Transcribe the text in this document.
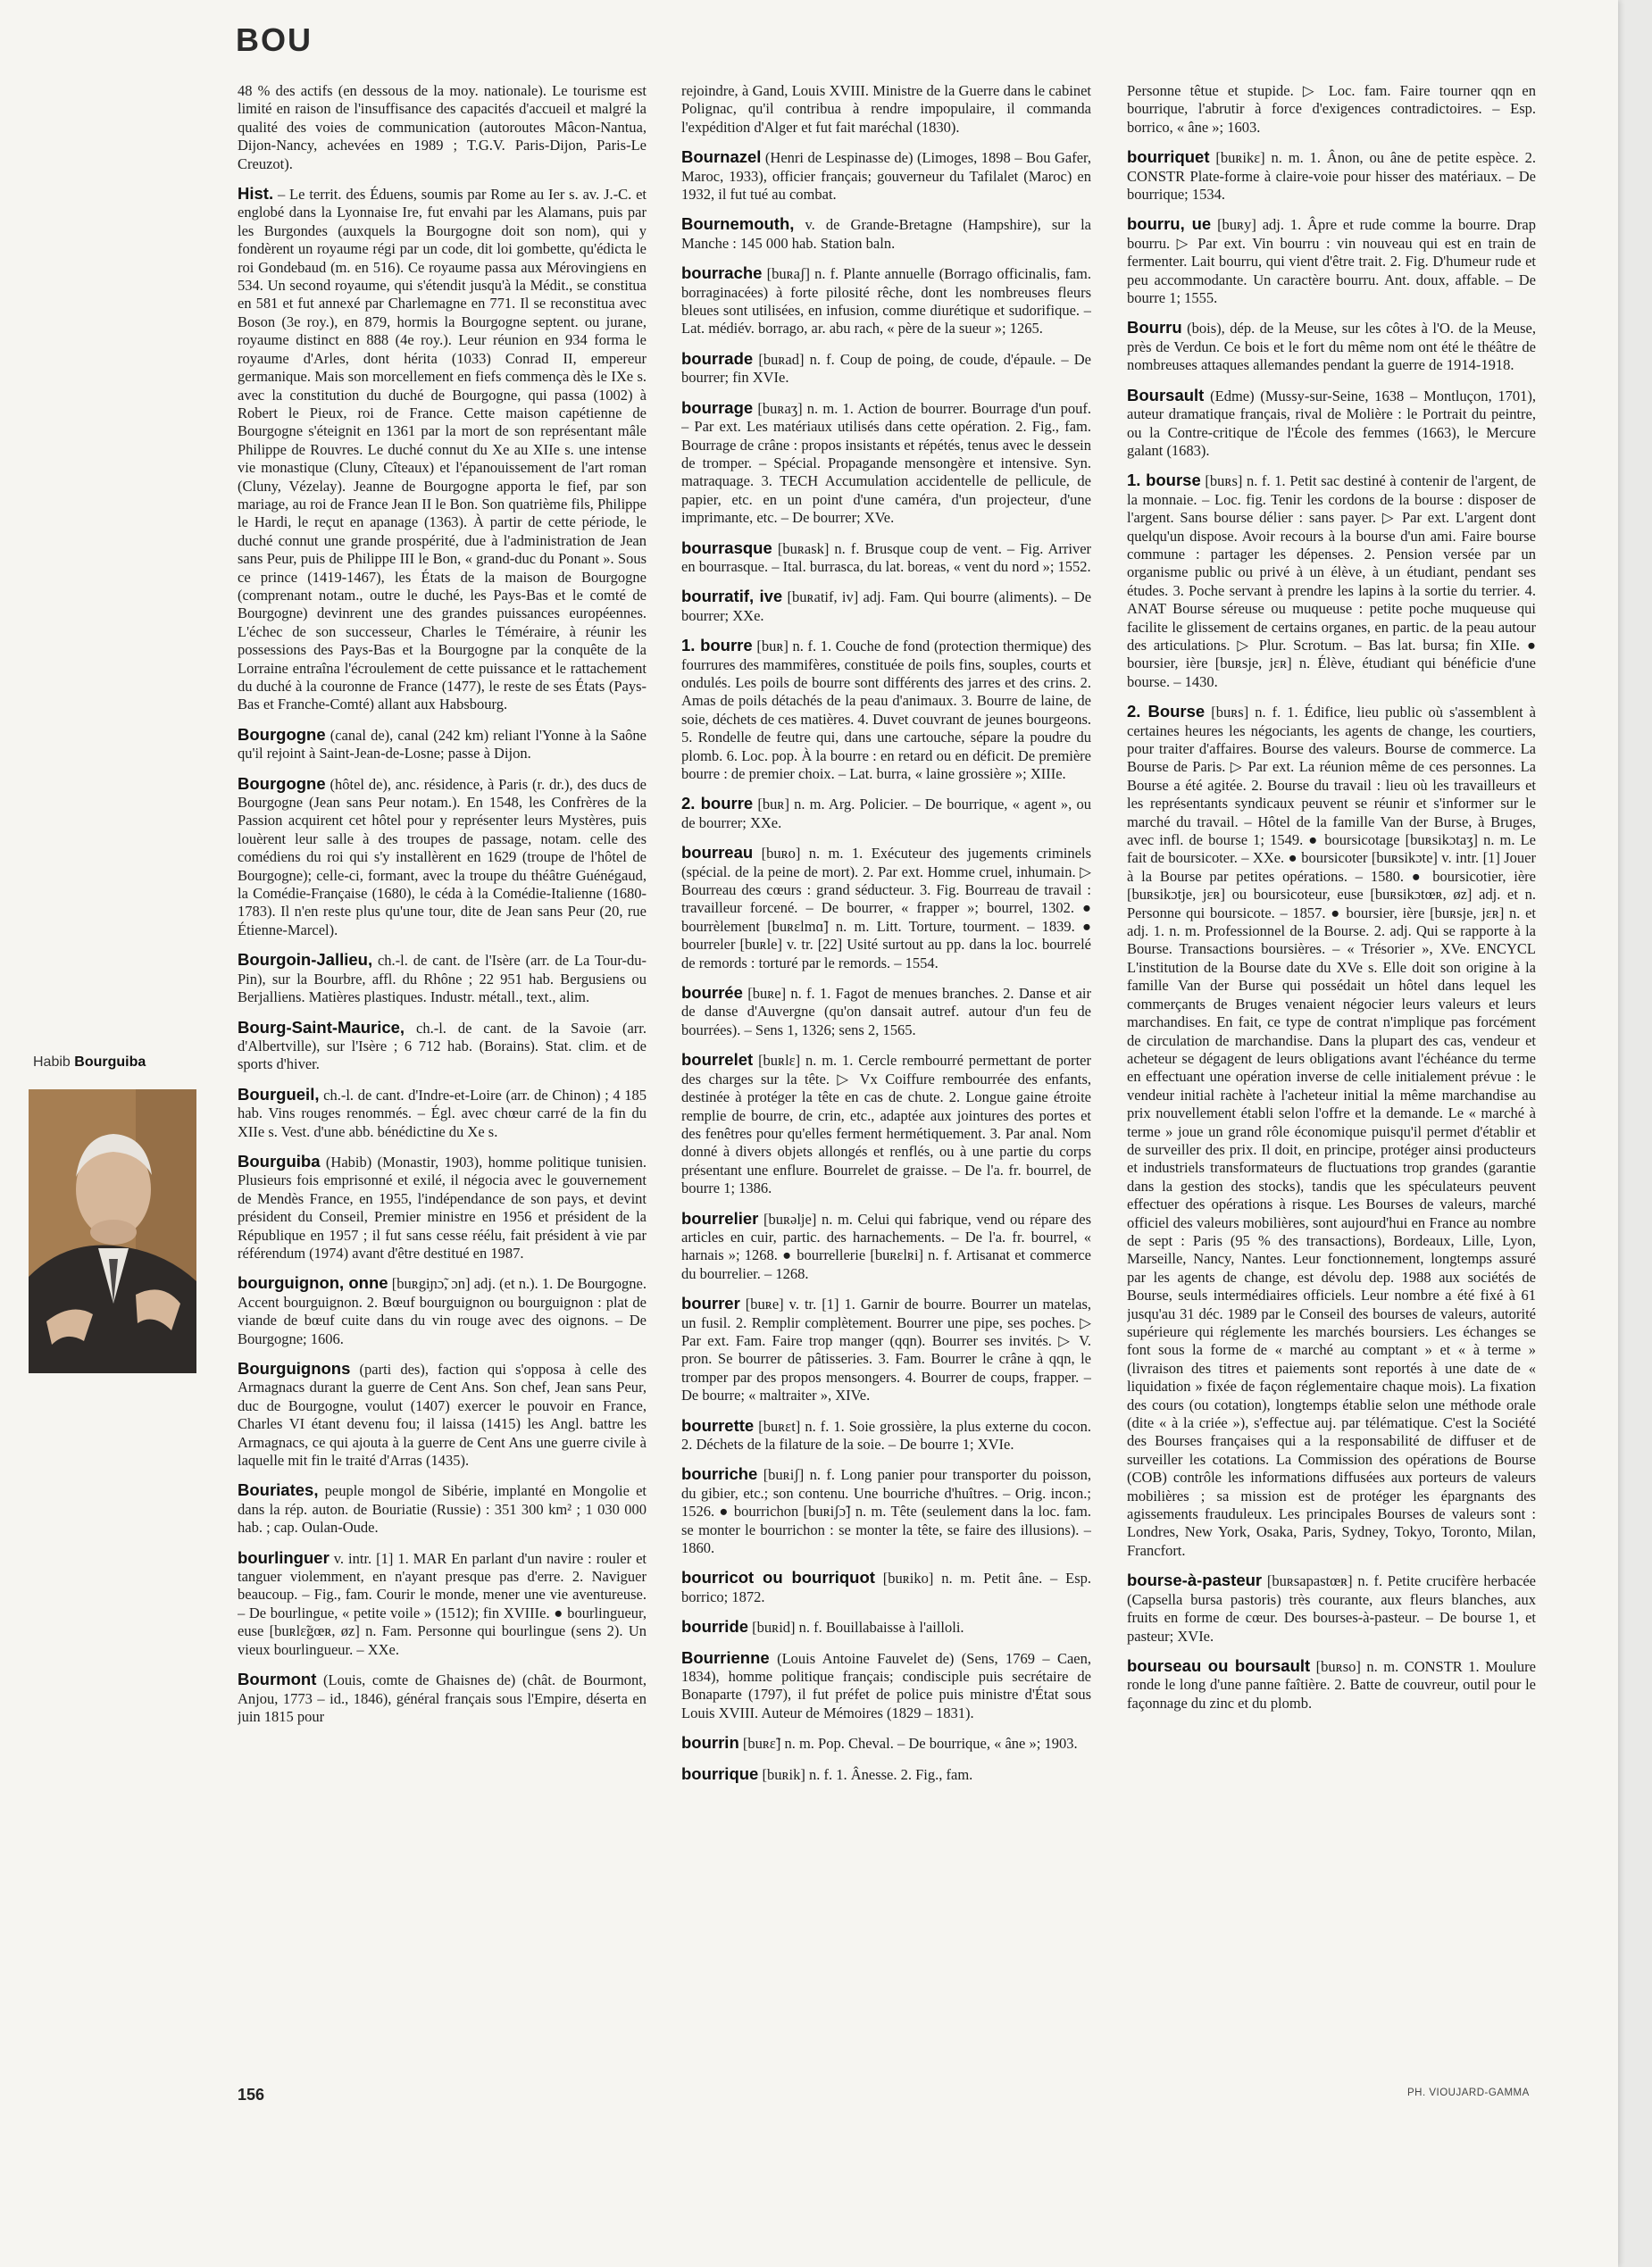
BOU

48 % des actifs (en dessous de la moy. nationale). Le tourisme est limité en raison de l'insuffisance des capacités d'accueil et malgré la qualité des voies de communication (autoroutes Mâcon-Nantua, Dijon-Nancy, achevées en 1989 ; T.G.V. Paris-Dijon, Paris-Le Creuzot).

Hist. – Le territ. des Éduens, soumis par Rome au Ier s. av. J.-C. et englobé dans la Lyonnaise Ire, fut envahi par les Alamans, puis par les Burgondes (auxquels la Bourgogne doit son nom), qui y fondèrent un royaume régi par un code, dit loi gombette, qu'édicta le roi Gondebaud (m. en 516). Ce royaume passa aux Mérovingiens en 534. Un second royaume, qui s'étendit jusqu'à la Médit., se constitua en 581 et fut annexé par Charlemagne en 771. Il se reconstitua avec Boson (3e roy.), en 879, hormis la Bourgogne septent. ou jurane, royaume distinct en 888 (4e roy.). Leur réunion en 934 forma le royaume d'Arles, dont hérita (1033) Conrad II, empereur germanique. Mais son morcellement en fiefs commença dès le IXe s. avec la constitution du duché de Bourgogne, qui passa (1002) à Robert le Pieux, roi de France. Cette maison capétienne de Bourgogne s'éteignit en 1361 par la mort de son représentant mâle Philippe de Rouvres. Le duché connut du Xe au XIIe s. une intense vie monastique (Cluny, Cîteaux) et l'épanouissement de l'art roman (Cluny, Vézelay). Jeanne de Bourgogne apporta le fief, par son mariage, au roi de France Jean II le Bon. Son quatrième fils, Philippe le Hardi, le reçut en apanage (1363). À partir de cette période, le duché connut une grande prospérité, due à l'administration de Jean sans Peur, puis de Philippe III le Bon, « grand-duc du Ponant ». Sous ce prince (1419-1467), les États de la maison de Bourgogne (comprenant notam., outre le duché, les Pays-Bas et le comté de Bourgogne) devinrent une des grandes puissances européennes. L'échec de son successeur, Charles le Téméraire, à réunir les possessions des Pays-Bas et la Bourgogne par la conquête de la Lorraine entraîna l'écroulement de cette puissance et le rattachement du duché à la couronne de France (1477), le reste de ses États (Pays-Bas et Franche-Comté) allant aux Habsbourg.

Bourgogne (canal de), canal (242 km) reliant l'Yonne à la Saône qu'il rejoint à Saint-Jean-de-Losne; passe à Dijon.

Bourgogne (hôtel de), anc. résidence, à Paris (r. dr.), des ducs de Bourgogne (Jean sans Peur notam.). En 1548, les Confrères de la Passion acquirent cet hôtel pour y représenter leurs Mystères, puis louèrent leur salle à des troupes de passage, notam. celle des comédiens du roi qui s'y installèrent en 1629 (troupe de l'hôtel de Bourgogne); celle-ci, formant, avec la troupe du théâtre Guénégaud, la Comédie-Française (1680), le céda à la Comédie-Italienne (1680-1783). Il n'en reste plus qu'une tour, dite de Jean sans Peur (20, rue Étienne-Marcel).

Bourgoin-Jallieu, ch.-l. de cant. de l'Isère (arr. de La Tour-du-Pin), sur la Bourbre, affl. du Rhône ; 22 951 hab. Bergusiens ou Berjalliens. Matières plastiques. Industr. métall., text., alim.

Bourg-Saint-Maurice, ch.-l. de cant. de la Savoie (arr. d'Albertville), sur l'Isère ; 6 712 hab. (Borains). Stat. clim. et de sports d'hiver.

Bourgueil, ch.-l. de cant. d'Indre-et-Loire (arr. de Chinon) ; 4 185 hab. Vins rouges renommés. – Égl. avec chœur carré de la fin du XIIe s. Vest. d'une abb. bénédictine du Xe s.

Bourguiba (Habib) (Monastir, 1903), homme politique tunisien. Plusieurs fois emprisonné et exilé, il négocia avec le gouvernement de Mendès France, en 1955, l'indépendance de son pays, et devint président du Conseil, Premier ministre en 1956 et président de la République en 1957 ; il fut sans cesse réélu, fait président à vie par référendum (1974) avant d'être destitué en 1987.

bourguignon, onne [buʀgiɲɔ̃, ɔn] adj. (et n.). 1. De Bourgogne. Accent bourguignon. 2. Bœuf bourguignon ou bourguignon : plat de viande de bœuf cuite dans du vin rouge avec des oignons. – De Bourgogne; 1606.

Bourguignons (parti des), faction qui s'opposa à celle des Armagnacs durant la guerre de Cent Ans. Son chef, Jean sans Peur, duc de Bourgogne, voulut (1407) exercer le pouvoir en France, Charles VI étant devenu fou; il laissa (1415) les Angl. battre les Armagnacs, ce qui ajouta à la guerre de Cent Ans une guerre civile à laquelle mit fin le traité d'Arras (1435).

Bouriates, peuple mongol de Sibérie, implanté en Mongolie et dans la rép. auton. de Bouriatie (Russie) : 351 300 km² ; 1 030 000 hab. ; cap. Oulan-Oude.

bourlinguer v. intr. [1] 1. MAR En parlant d'un navire : rouler et tanguer violemment, en n'ayant presque pas d'erre. 2. Naviguer beaucoup. – Fig., fam. Courir le monde, mener une vie aventureuse. – De bourlingue, « petite voile » (1512); fin XVIIIe. ● bourlingueur, euse [buʀlɛ̃gœʀ, øz] n. Fam. Personne qui bourlingue (sens 2). Un vieux bourlingueur. – XXe.

Bourmont (Louis, comte de Ghaisnes de) (chât. de Bourmont, Anjou, 1773 – id., 1846), général français sous l'Empire, déserta en juin 1815 pour

rejoindre, à Gand, Louis XVIII. Ministre de la Guerre dans le cabinet Polignac, qu'il contribua à rendre impopulaire, il commanda l'expédition d'Alger et fut fait maréchal (1830).

Bournazel (Henri de Lespinasse de) (Limoges, 1898 – Bou Gafer, Maroc, 1933), officier français; gouverneur du Tafilalet (Maroc) en 1932, il fut tué au combat.

Bournemouth, v. de Grande-Bretagne (Hampshire), sur la Manche : 145 000 hab. Station baln.

bourrache [buʀaʃ] n. f. Plante annuelle (Borrago officinalis, fam. borraginacées) à forte pilosité rêche, dont les nombreuses fleurs bleues sont utilisées, en infusion, comme diurétique et sudorifique. – Lat. médiév. borrago, ar. abu rach, « père de la sueur »; 1265.

bourrade [buʀad] n. f. Coup de poing, de coude, d'épaule. – De bourrer; fin XVIe.

bourrage [buʀaʒ] n. m. 1. Action de bourrer. Bourrage d'un pouf. – Par ext. Les matériaux utilisés dans cette opération. 2. Fig., fam. Bourrage de crâne : propos insistants et répétés, tenus avec le dessein de tromper. – Spécial. Propagande mensongère et intensive. Syn. matraquage. 3. TECH Accumulation accidentelle de pellicule, de papier, etc. en un point d'une caméra, d'un projecteur, d'une imprimante, etc. – De bourrer; XVe.

bourrasque [buʀask] n. f. Brusque coup de vent. – Fig. Arriver en bourrasque. – Ital. burrasca, du lat. boreas, « vent du nord »; 1552.

bourratif, ive [buʀatif, iv] adj. Fam. Qui bourre (aliments). – De bourrer; XXe.

1. bourre [buʀ] n. f. 1. Couche de fond (protection thermique) des fourrures des mammifères, constituée de poils fins, souples, courts et ondulés. Les poils de bourre sont différents des jarres et des crins. 2. Amas de poils détachés de la peau d'animaux. 3. Bourre de laine, de soie, déchets de ces matières. 4. Duvet couvrant de jeunes bourgeons. 5. Rondelle de feutre qui, dans une cartouche, sépare la poudre du plomb. 6. Loc. pop. À la bourre : en retard ou en déficit. De première bourre : de premier choix. – Lat. burra, « laine grossière »; XIIIe.

2. bourre [buʀ] n. m. Arg. Policier. – De bourrique, « agent », ou de bourrer; XXe.

bourreau [buʀo] n. m. 1. Exécuteur des jugements criminels (spécial. de la peine de mort). 2. Par ext. Homme cruel, inhumain. ▷ Bourreau des cœurs : grand séducteur. 3. Fig. Bourreau de travail : travailleur forcené. – De bourrer, « frapper »; bourrel, 1302. ● bourrèlement [buʀɛlmɑ̃] n. m. Litt. Torture, tourment. – 1839. ● bourreler [buʀle] v. tr. [22] Usité surtout au pp. dans la loc. bourrelé de remords : torturé par le remords. – 1554.

bourrée [buʀe] n. f. 1. Fagot de menues branches. 2. Danse et air de danse d'Auvergne (qu'on dansait autref. autour d'un feu de bourrées). – Sens 1, 1326; sens 2, 1565.

bourrelet [buʀlɛ] n. m. 1. Cercle rembourré permettant de porter des charges sur la tête. ▷ Vx Coiffure rembourrée des enfants, destinée à protéger la tête en cas de chute. 2. Longue gaine étroite remplie de bourre, de crin, etc., adaptée aux jointures des portes et des fenêtres pour qu'elles ferment hermétiquement. 3. Par anal. Nom donné à divers objets allongés et renflés, ou à une partie du corps présentant une enflure. Bourrelet de graisse. – De l'a. fr. bourrel, de bourre 1; 1386.

bourrelier [buʀəlje] n. m. Celui qui fabrique, vend ou répare des articles en cuir, partic. des harnachements. – De l'a. fr. bourrel, « harnais »; 1268. ● bourrellerie [buʀɛlʀi] n. f. Artisanat et commerce du bourrelier. – 1268.

bourrer [buʀe] v. tr. [1] 1. Garnir de bourre. Bourrer un matelas, un fusil. 2. Remplir complètement. Bourrer une pipe, ses poches. ▷ Par ext. Fam. Faire trop manger (qqn). Bourrer ses invités. ▷ V. pron. Se bourrer de pâtisseries. 3. Fam. Bourrer le crâne à qqn, le tromper par des propos mensongers. 4. Bourrer de coups, frapper. – De bourre; « maltraiter », XIVe.

bourrette [buʀɛt] n. f. 1. Soie grossière, la plus externe du cocon. 2. Déchets de la filature de la soie. – De bourre 1; XVIe.

bourriche [buʀiʃ] n. f. Long panier pour transporter du poisson, du gibier, etc.; son contenu. Une bourriche d'huîtres. – Orig. incon.; 1526. ● bourrichon [buʀiʃɔ̃] n. m. Tête (seulement dans la loc. fam. se monter le bourrichon : se monter la tête, se faire des illusions). – 1860.

bourricot ou bourriquot [buʀiko] n. m. Petit âne. – Esp. borrico; 1872.

bourride [buʀid] n. f. Bouillabaisse à l'ailloli.

Bourrienne (Louis Antoine Fauvelet de) (Sens, 1769 – Caen, 1834), homme politique français; condisciple puis secrétaire de Bonaparte (1797), il fut préfet de police puis ministre d'État sous Louis XVIII. Auteur de Mémoires (1829 – 1831).

bourrin [buʀɛ̃] n. m. Pop. Cheval. – De bourrique, « âne »; 1903.

bourrique [buʀik] n. f. 1. Ânesse. 2. Fig., fam.

Personne têtue et stupide. ▷ Loc. fam. Faire tourner qqn en bourrique, l'abrutir à force d'exigences contradictoires. – Esp. borrico, « âne »; 1603.

bourriquet [buʀikɛ] n. m. 1. Ânon, ou âne de petite espèce. 2. CONSTR Plate-forme à claire-voie pour hisser des matériaux. – De bourrique; 1534.

bourru, ue [buʀy] adj. 1. Âpre et rude comme la bourre. Drap bourru. ▷ Par ext. Vin bourru : vin nouveau qui est en train de fermenter. Lait bourru, qui vient d'être trait. 2. Fig. D'humeur rude et peu accommodante. Un caractère bourru. Ant. doux, affable. – De bourre 1; 1555.

Bourru (bois), dép. de la Meuse, sur les côtes à l'O. de la Meuse, près de Verdun. Ce bois et le fort du même nom ont été le théâtre de nombreuses attaques allemandes pendant la guerre de 1914-1918.

Boursault (Edme) (Mussy-sur-Seine, 1638 – Montluçon, 1701), auteur dramatique français, rival de Molière : le Portrait du peintre, ou la Contre-critique de l'École des femmes (1663), le Mercure galant (1683).

1. bourse [buʀs] n. f. 1. Petit sac destiné à contenir de l'argent, de la monnaie. – Loc. fig. Tenir les cordons de la bourse : disposer de l'argent. Sans bourse délier : sans payer. ▷ Par ext. L'argent dont quelqu'un dispose. Avoir recours à la bourse d'un ami. Faire bourse commune : partager les dépenses. 2. Pension versée par un organisme public ou privé à un élève, à un étudiant, pendant ses études. 3. Poche servant à prendre les lapins à la sortie du terrier. 4. ANAT Bourse séreuse ou muqueuse : petite poche muqueuse qui facilite le glissement de certains organes, en partic. de la peau autour des articulations. ▷ Plur. Scrotum. – Bas lat. bursa; fin XIIe. ● boursier, ière [buʀsje, jɛʀ] n. Élève, étudiant qui bénéficie d'une bourse. – 1430.

2. Bourse [buʀs] n. f. 1. Édifice, lieu public où s'assemblent à certaines heures les négociants, les agents de change, les courtiers, pour traiter d'affaires. Bourse des valeurs. Bourse de commerce. La Bourse de Paris. ▷ Par ext. La réunion même de ces personnes. La Bourse a été agitée. 2. Bourse du travail : lieu où les travailleurs et les représentants syndicaux peuvent se réunir et s'informer sur le marché du travail. – Hôtel de la famille Van der Burse, à Bruges, avec infl. de bourse 1; 1549. ● boursicotage [buʀsikɔtaʒ] n. m. Le fait de boursicoter. – XXe. ● boursicoter [buʀsikɔte] v. intr. [1] Jouer à la Bourse par petites opérations. – 1580. ● boursicotier, ière [buʀsikɔtje, jɛʀ] ou boursicoteur, euse [buʀsikɔtœʀ, øz] adj. et n. Personne qui boursicote. – 1857. ● boursier, ière [buʀsje, jɛʀ] n. et adj. 1. n. m. Professionnel de la Bourse. 2. adj. Qui se rapporte à la Bourse. Transactions boursières. – « Trésorier », XVe. ENCYCL L'institution de la Bourse date du XVe s. Elle doit son origine à la famille Van der Burse qui possédait un hôtel dans lequel les commerçants de Bruges venaient négocier leurs valeurs et leurs marchandises. En fait, ce type de contrat n'implique pas forcément de circulation de marchandise. Dans la plupart des cas, vendeur et acheteur se dégagent de leurs obligations avant l'échéance du terme en effectuant une opération inverse de celle initialement prévue : le vendeur initial rachète à l'acheteur initial la même marchandise au prix nouvellement établi selon l'offre et la demande. Le « marché à terme » joue un grand rôle économique puisqu'il permet d'établir et de surveiller des prix. Il doit, en principe, protéger ainsi producteurs et industriels transformateurs de fluctuations trop grandes (garantie dans la gestion des stocks), tandis que les spéculateurs peuvent effectuer des opérations à risque. Les Bourses de valeurs, marché officiel des valeurs mobilières, sont aujourd'hui en France au nombre de sept : Paris (95 % des transactions), Bordeaux, Lille, Lyon, Marseille, Nancy, Nantes. Leur fonctionnement, longtemps assuré par les agents de change, est dévolu dep. 1988 aux sociétés de Bourse, seuls intermédiaires officiels. Leur nombre a été fixé à 61 jusqu'au 31 déc. 1989 par le Conseil des bourses de valeurs, autorité supérieure qui réglemente les marchés boursiers. Les échanges se font sous la forme de « marché au comptant » et « à terme » (livraison des titres et paiements sont reportés à une date de « liquidation » fixée de façon réglementaire chaque mois). La fixation des cours (ou cotation), longtemps établie selon une méthode orale (dite « à la criée »), s'effectue auj. par télématique. C'est la Société des Bourses françaises qui a la responsabilité de diffuser et de surveiller les cotations. La Commission des opérations de Bourse (COB) contrôle les informations diffusées aux porteurs de valeurs mobilières ; sa mission est de protéger les épargnants des agissements frauduleux. Les principales Bourses de valeurs sont : Londres, New York, Osaka, Paris, Sydney, Tokyo, Toronto, Milan, Francfort.

bourse-à-pasteur [buʀsapastœʀ] n. f. Petite crucifère herbacée (Capsella bursa pastoris) très courante, aux fleurs blanches, aux fruits en forme de cœur. Des bourses-à-pasteur. – De bourse 1, et pasteur; XVIe.

bourseau ou boursault [buʀso] n. m. CONSTR 1. Moulure ronde le long d'une panne faîtière. 2. Batte de couvreur, outil pour le façonnage du zinc et du plomb.

Habib Bourguiba
156	PH. VIOUJARD-GAMMA
